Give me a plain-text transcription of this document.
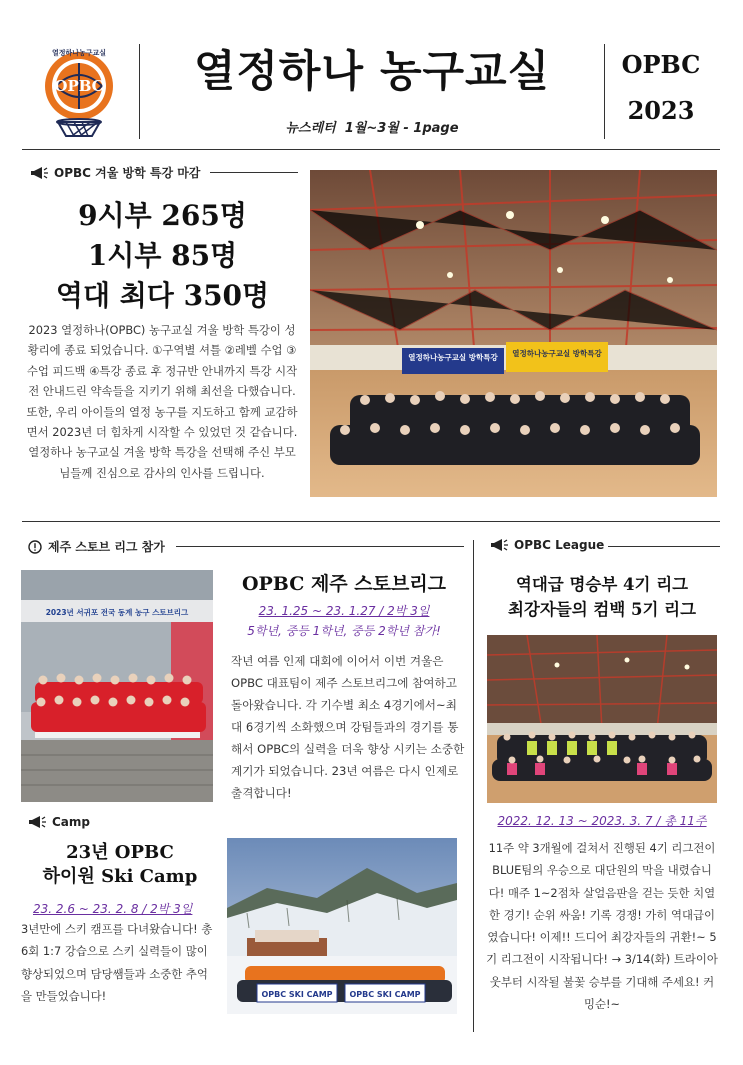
열정하나농구교실
OPBC	열정하나 농구교실
뉴스레터  1월~3월 - 1page
OPBC
2023
OPBC 겨울 방학 특강 마감
9시부 265명
1시부 85명
역대 최다 350명
2023 열정하나(OPBC) 농구교실 겨울 방학 특강이 성황리에 종료 되었습니다. ①구역별 셔틀 ②레벨 수업 ③수업 피드백 ④특강 종료 후 정규반 안내까지 특강 시작전 안내드린 약속들을 지키기 위해 최선을 다했습니다. 또한, 우리 아이들의 열정 농구를 지도하고 함께 교감하면서 2023년 더 힘차게 시작할 수 있었던 것 같습니다. 열정하나 농구교실 겨울 방학 특강을 선택해 주신 부모님들께 진심으로 감사의 인사를 드립니다.
열정하나농구교실 방학특강 열정하나농구교실 방학특강
제주 스토브 리그 참가
2023년 서귀포 전국 동계 농구 스토브리그
OPBC 제주 스토브리그
23. 1.25 ~ 23. 1.27 / 2박 3일
5학년, 중등 1학년, 중등 2학년 참가!
작년 여름 인제 대회에 이어서 이번 겨울은 OPBC 대표팀이 제주 스토브리그에 참여하고 돌아왔습니다. 각 기수별 최소 4경기에서~최대 6경기씩 소화했으며 강팀들과의 경기를 통해서 OPBC의 실력을 더욱 향상 시키는 소중한 계기가 되었습니다. 23년 여름은 다시 인제로 출격합니다!
Camp
23년 OPBC
하이원 Ski Camp
23. 2.6 ~ 23. 2. 8 / 2박 3일
3년만에 스키 캠프를 다녀왔습니다! 총 6회 1:7 강습으로 스키 실력들이 많이 향상되었으며 담당쌤들과 소중한 추억을 만들었습니다!	OPBC SKI CAMP OPBC SKI CAMP
OPBC League
역대급 명승부 4기 리그
최강자들의 컴백 5기 리그
2022. 12. 13 ~ 2023. 3. 7 / 총 11주
11주 약 3개월에 걸쳐서 진행된 4기 리그전이 BLUE팀의 우승으로 대단원의 막을 내렸습니다! 매주 1~2점차 살얼음판을 걷는 듯한 치열한 경기! 순위 싸움! 기록 경쟁! 가히 역대급이였습니다! 이제!! 드디어 최강자들의 귀환!~ 5기 리그전이 시작됩니다! → 3/14(화) 트라이아웃부터 시작될 불꽃 승부를 기대해 주세요! 커밍순!~
